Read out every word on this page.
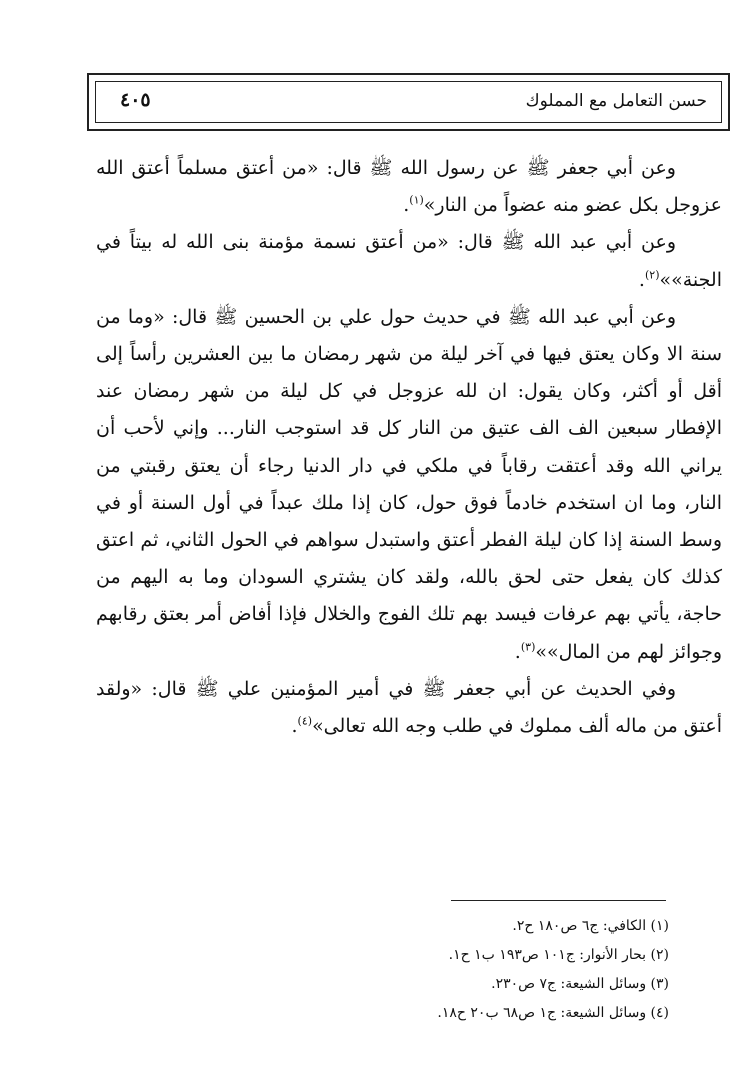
حسن التعامل مع المملوك
٤٠٥

وعن أبي جعفر ﷺ عن رسول الله ﷺ قال: «من أعتق مسلماً أعتق الله عزوجل بكل عضو منه عضواً من النار»$^{(١)}$.

وعن أبي عبد الله ﷺ قال: «من أعتق نسمة مؤمنة بنى الله له بيتاً في الجنة»»$^{(٢)}$.

وعن أبي عبد الله ﷺ في حديث حول علي بن الحسين ﷺ قال: «وما من سنة الا وكان يعتق فيها في آخر ليلة من شهر رمضان ما بين العشرين رأساً إلى أقل أو أكثر، وكان يقول: ان لله عزوجل في كل ليلة من شهر رمضان عند الإفطار سبعين الف الف عتيق من النار كل قد استوجب النار... وإني لأحب أن يراني الله وقد أعتقت رقاباً في ملكي في دار الدنيا رجاء أن يعتق رقبتي من النار، وما ان استخدم خادماً فوق حول، كان إذا ملك عبداً في أول السنة أو في وسط السنة إذا كان ليلة الفطر أعتق واستبدل سواهم في الحول الثاني، ثم اعتق كذلك كان يفعل حتى لحق بالله، ولقد كان يشتري السودان وما به اليهم من حاجة، يأتي بهم عرفات فيسد بهم تلك الفوج والخلال فإذا أفاض أمر بعتق رقابهم وجوائز لهم من المال»»$^{(٣)}$.

وفي الحديث عن أبي جعفر ﷺ في أمير المؤمنين علي ﷺ قال: «ولقد أعتق من ماله ألف مملوك في طلب وجه الله تعالى»$^{(٤)}$.

(١) الكافي: ج٦ ص١٨٠ ح٢.
(٢) بحار الأنوار: ج١٠١ ص١٩٣ ب١ ح١.
(٣) وسائل الشيعة: ج٧ ص٢٣٠.
(٤) وسائل الشيعة: ج١ ص٦٨ ب٢٠ ح١٨.
